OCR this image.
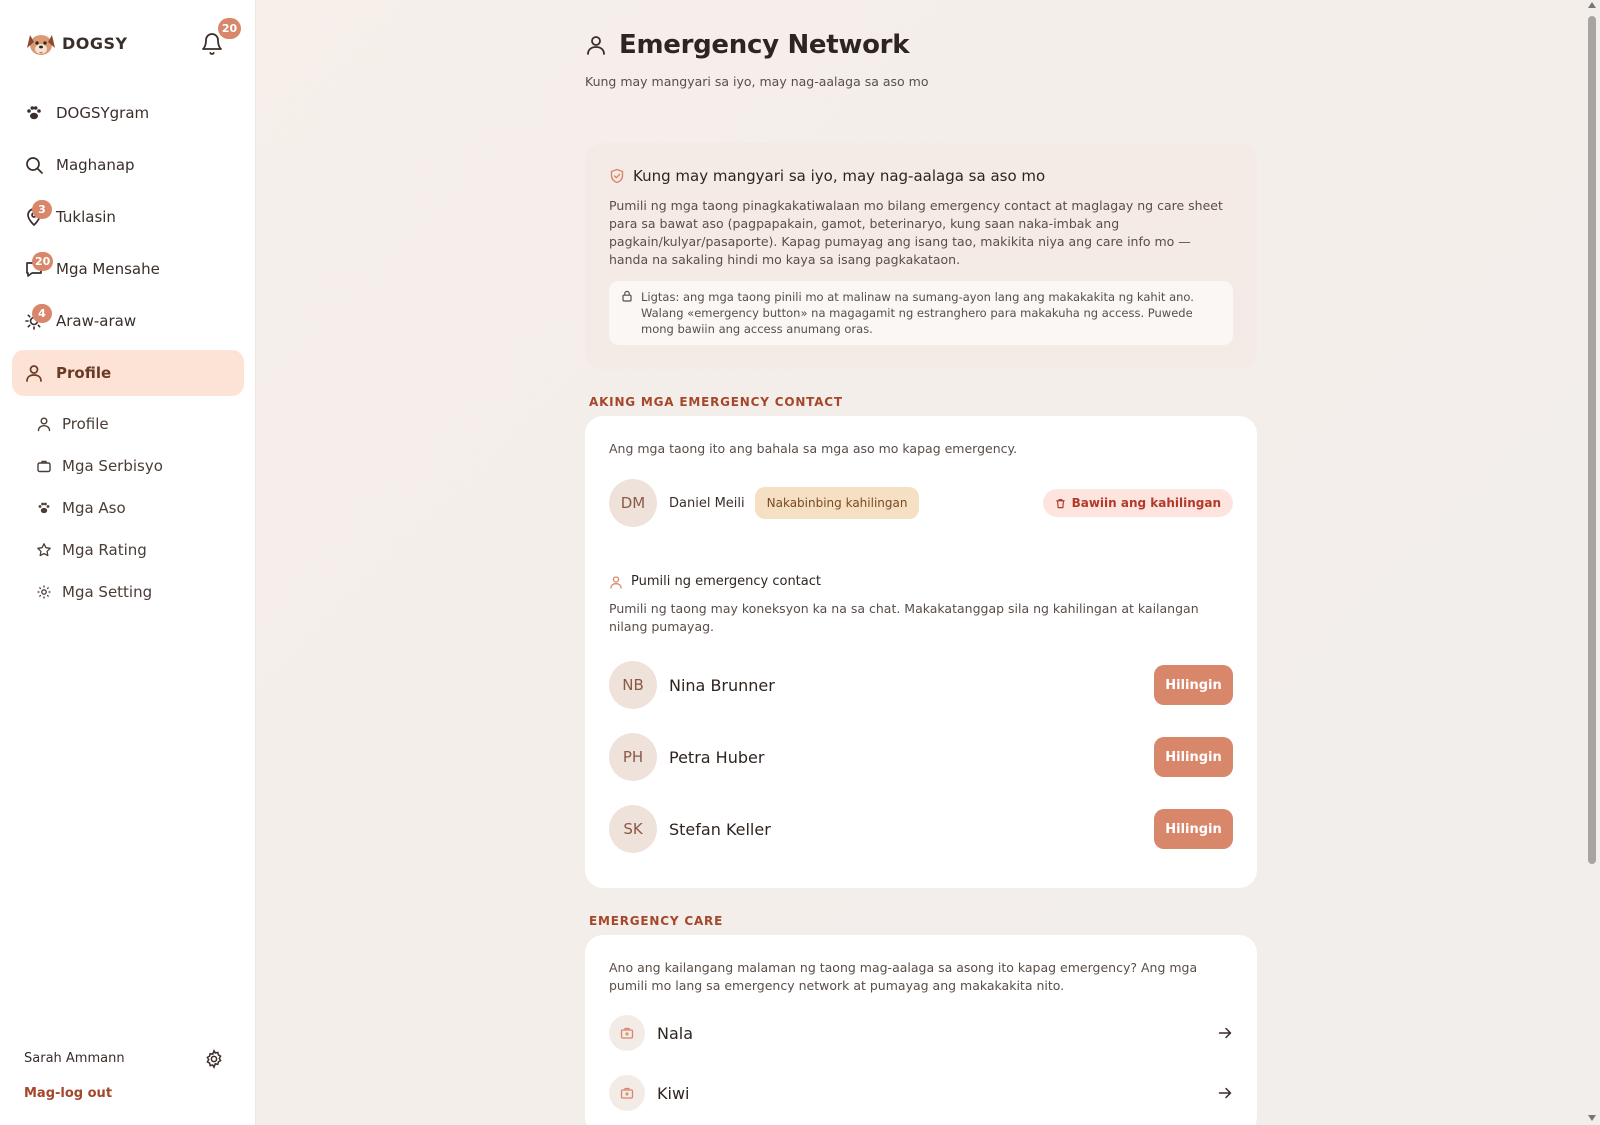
DOGSY
20
DOGSYgram
Maghanap
3 Tuklasin
20 Mga Mensahe
4 Araw-araw
Profile
Profile
Mga Serbisyo
Mga Aso
Mga Rating
Mga Setting
Sarah Ammann
Mag-log out
Emergency Network

Kung may mangyari sa iyo, may nag-aalaga sa aso mo

Kung may mangyari sa iyo, may nag-aalaga sa aso mo

Pumili ng mga taong pinagkakatiwalaan mo bilang emergency contact at maglagay ng care sheet para sa bawat aso (pagpapakain, gamot, beterinaryo, kung saan naka-imbak ang pagkain/kulyar/pasaporte). Kapag pumayag ang isang tao, makikita niya ang care info mo — handa na sakaling hindi mo kaya sa isang pagkakataon.

Ligtas: ang mga taong pinili mo at malinaw na sumang-ayon lang ang makakakita ng kahit ano. Walang «emergency button» na magagamit ng estranghero para makakuha ng access. Puwede mong bawiin ang access anumang oras.
AKING MGA EMERGENCY CONTACT

Ang mga taong ito ang bahala sa mga aso mo kapag emergency.

DM	Daniel Meili	Nakabinbing kahilingan	Bawiin ang kahilingan
Pumili ng emergency contact

Pumili ng taong may koneksyon ka na sa chat. Makakatanggap sila ng kahilingan at kailangan nilang pumayag.

NB	Nina Brunner	Hilingin
PH	Petra Huber	Hilingin
SK	Stefan Keller	Hilingin
EMERGENCY CARE

Ano ang kailangang malaman ng taong mag-aalaga sa asong ito kapag emergency? Ang mga pumili mo lang sa emergency network at pumayag ang makakakita nito.

Nala
Kiwi
